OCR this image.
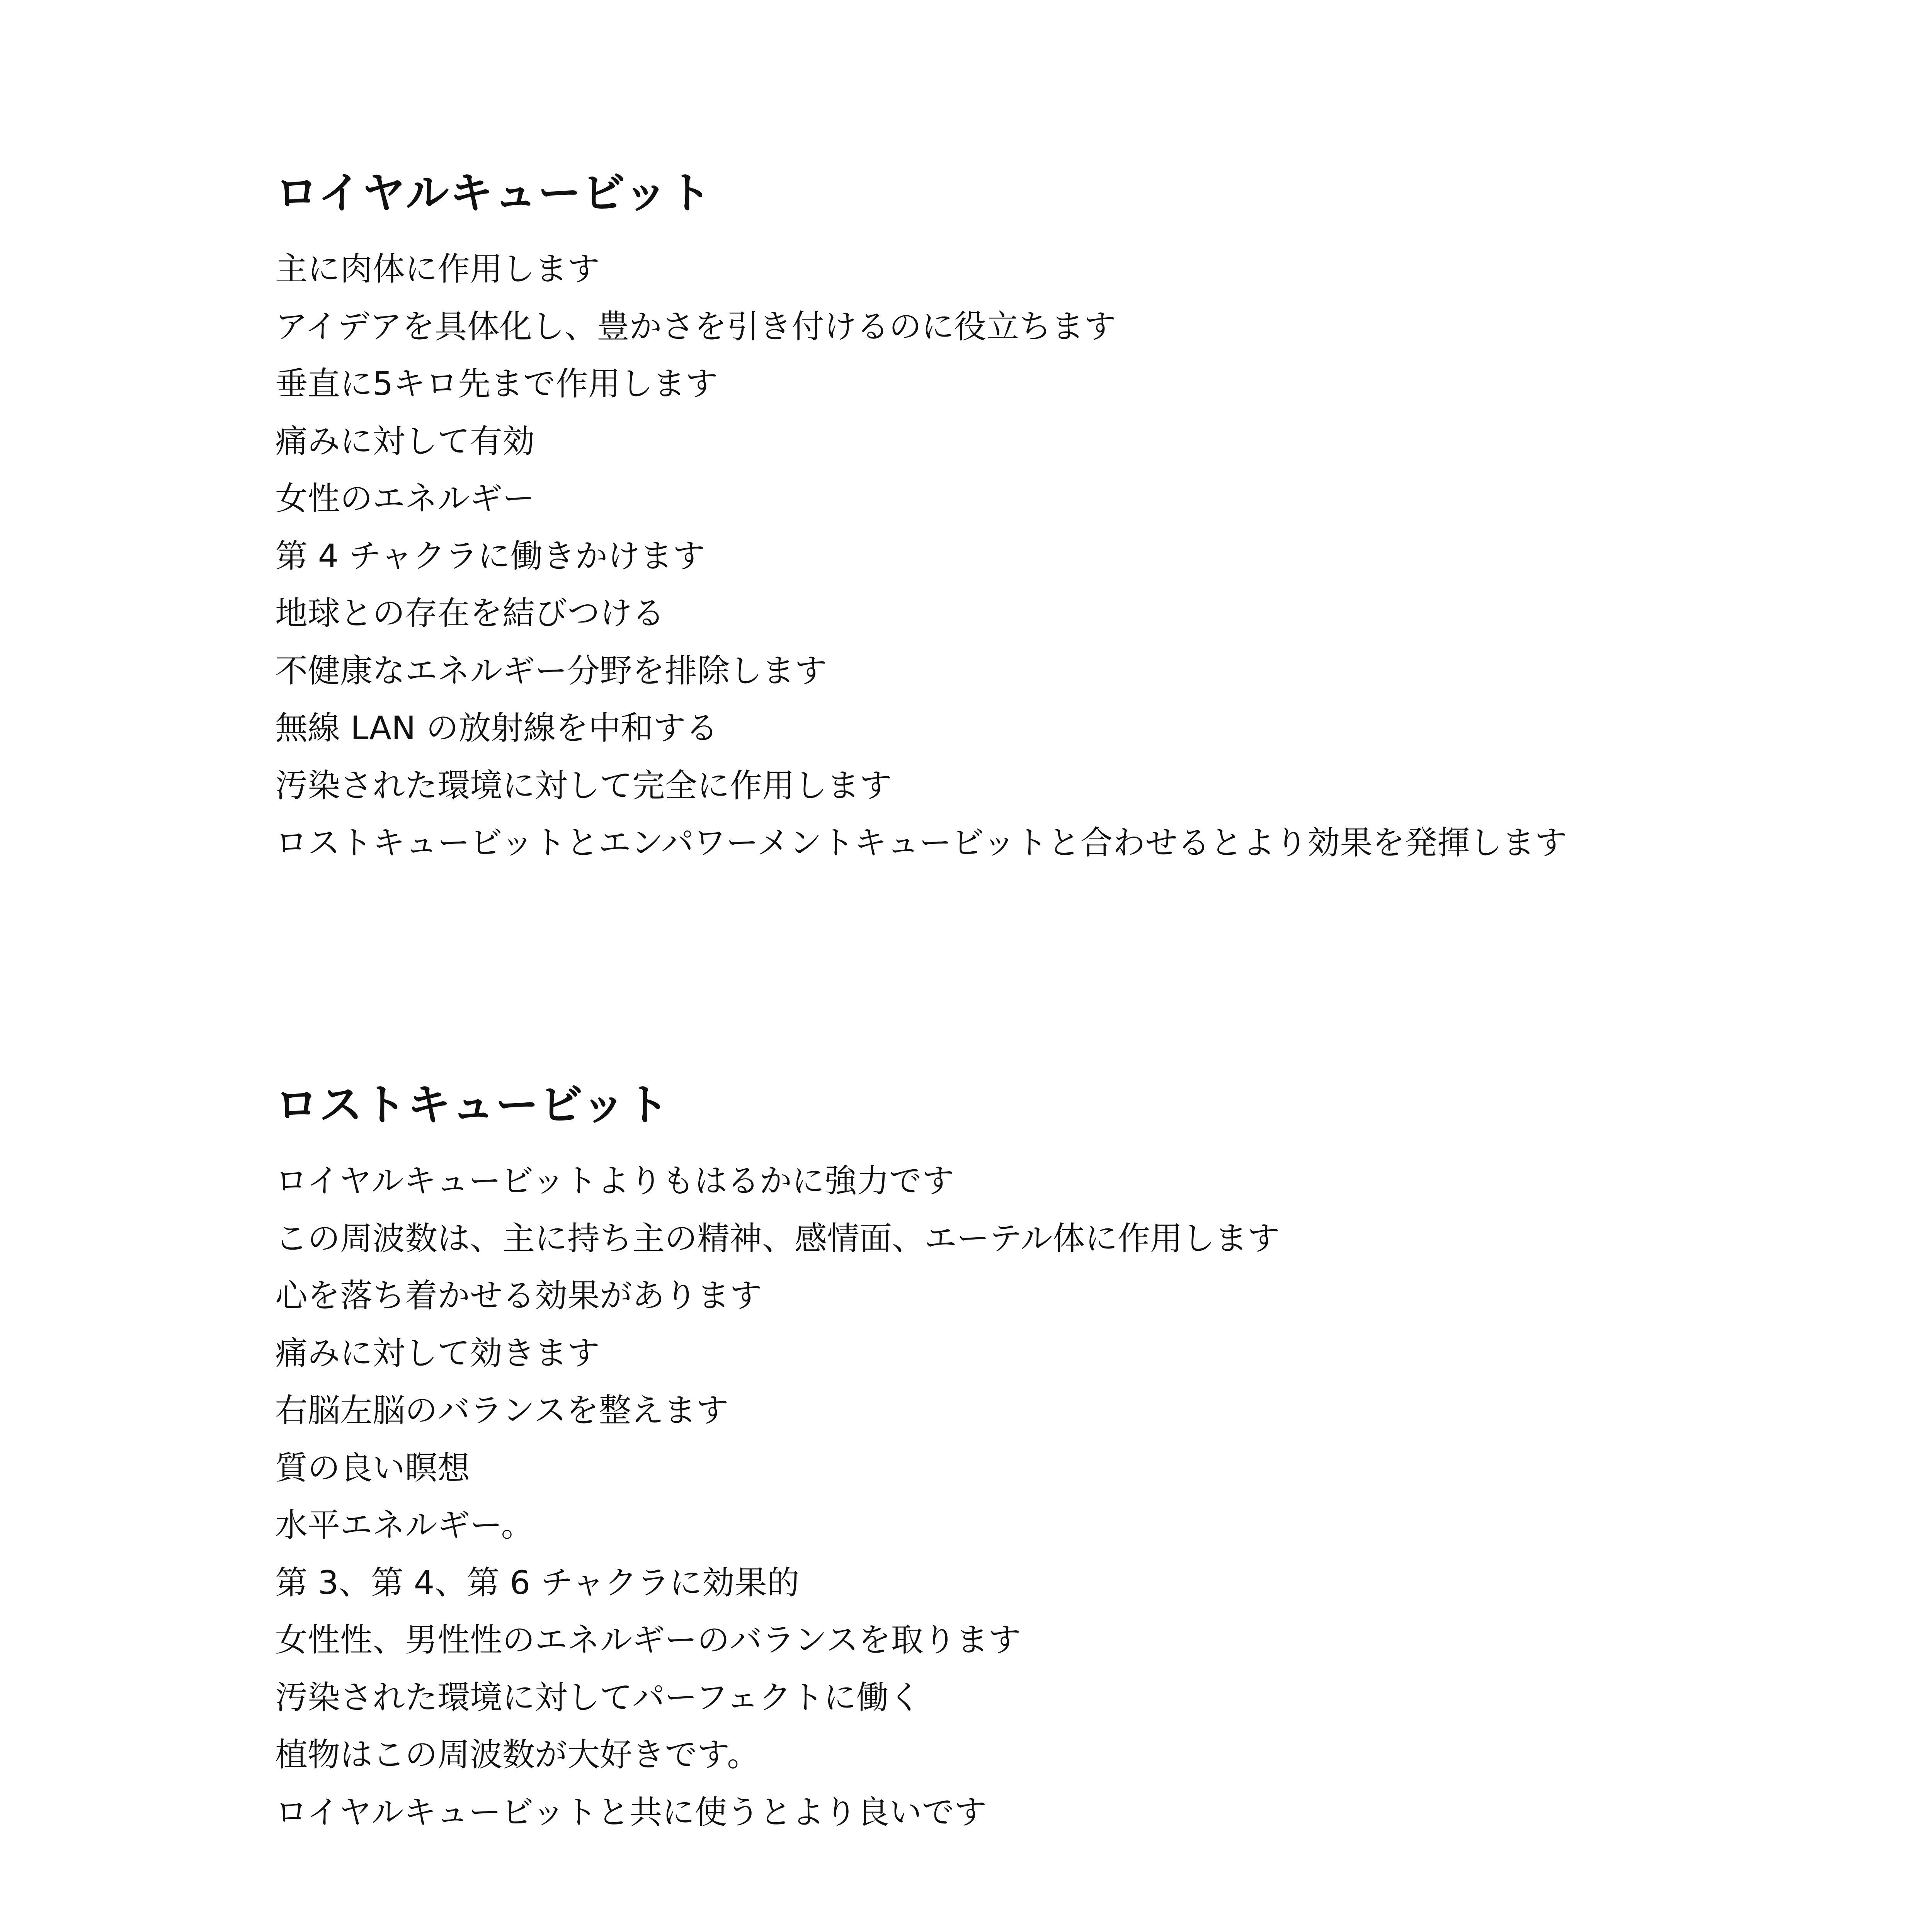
ロイヤルキュービット
主に肉体に作用します
アイデアを具体化し、豊かさを引き付けるのに役立ちます
垂直に5キロ先まで作用します
痛みに対して有効
女性のエネルギー
第 4 チャクラに働きかけます
地球との存在を結びつける
不健康なエネルギー分野を排除します
無線 LAN の放射線を中和する
汚染された環境に対して完全に作用します
ロストキュービットとエンパワーメントキュービットと合わせるとより効果を発揮します
ロストキュービット
ロイヤルキュービットよりもはるかに強力です
この周波数は、主に持ち主の精神、感情面、エーテル体に作用します
心を落ち着かせる効果があります
痛みに対して効きます
右脳左脳のバランスを整えます
質の良い瞑想
水平エネルギー。
第 3、第 4、第 6 チャクラに効果的
女性性、男性性のエネルギーのバランスを取ります
汚染された環境に対してパーフェクトに働く
植物はこの周波数が大好きです。
ロイヤルキュービットと共に使うとより良いです
